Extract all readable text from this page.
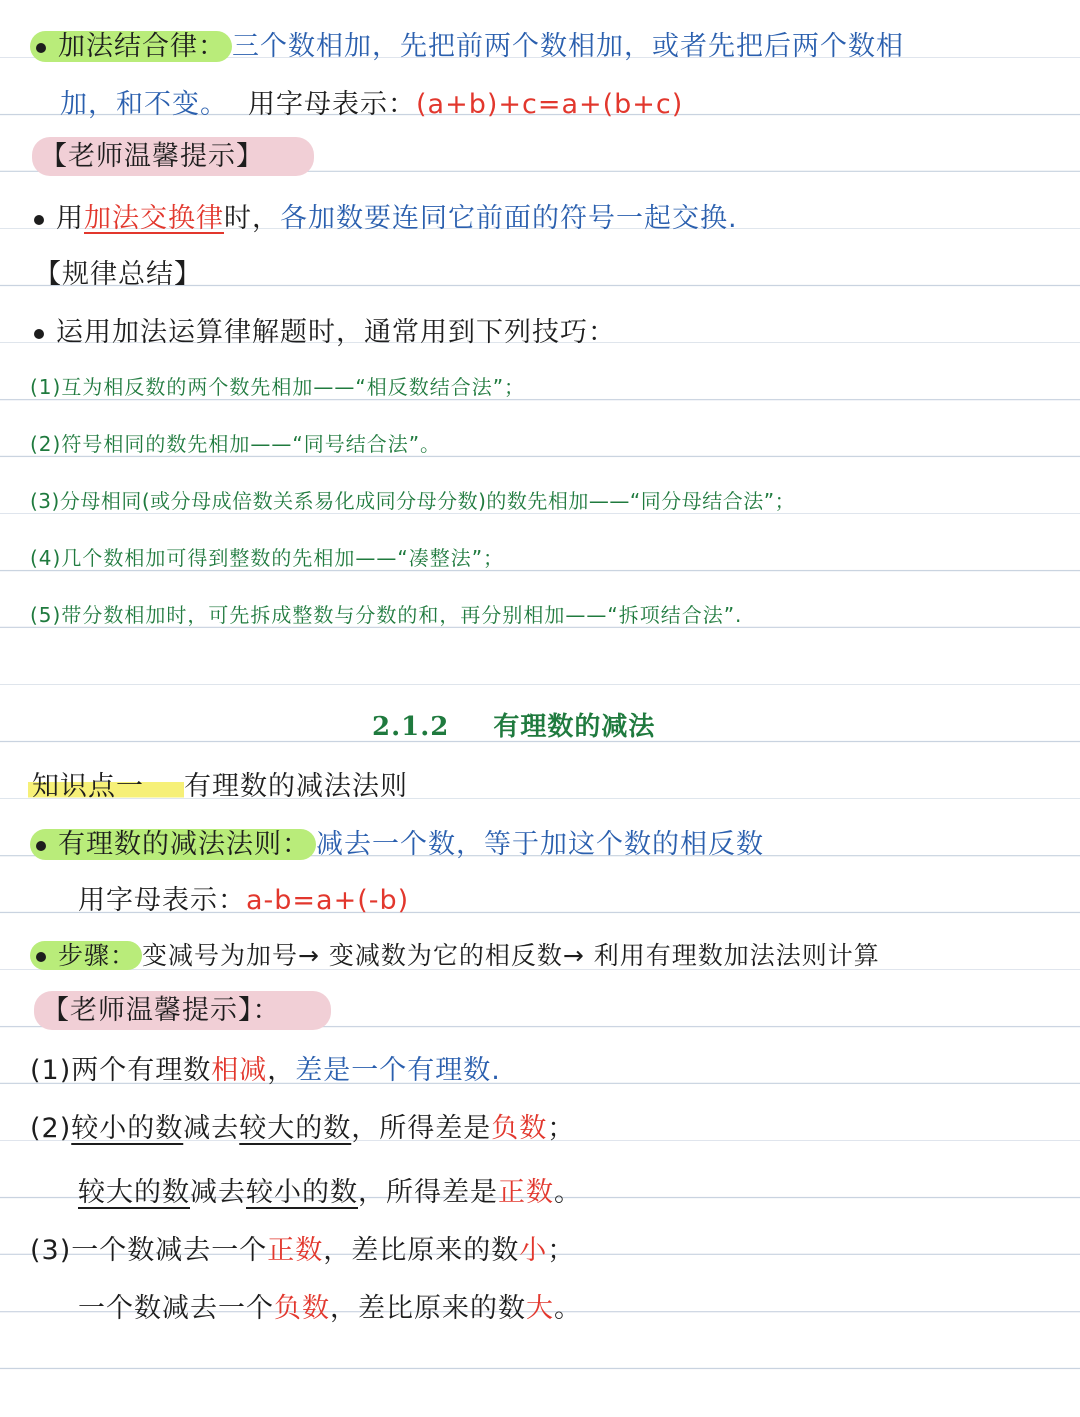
加法结合律： 三个数相加，先把前两个数相加，或者先把后两个数相
加，和不变。 用字母表示：(a+b)+c=a+(b+c)
【老师温馨提示】
用加法交换律时，各加数要连同它前面的符号一起交换.
【规律总结】
运用加法运算律解题时，通常用到下列技巧：
(1)互为相反数的两个数先相加——“相反数结合法”；
(2)符号相同的数先相加——“同号结合法”。
(3)分母相同(或分母成倍数关系易化成同分母分数)的数先相加——“同分母结合法”；
(4)几个数相加可得到整数的先相加——“凑整法”；
(5)带分数相加时，可先拆成整数与分数的和，再分别相加——“拆项结合法”.
2.1.2 有理数的减法
知识点一 有理数的减法法则
有理数的减法法则： 减去一个数，等于加这个数的相反数
用字母表示：a-b=a+(-b)
步骤： 变减号为加号→ 变减数为它的相反数→ 利用有理数加法法则计算
【老师温馨提示】：
(1)两个有理数相减，差是一个有理数.
(2)较小的数减去较大的数，所得差是负数；
较大的数减去较小的数，所得差是正数。
(3)一个数减去一个正数，差比原来的数小；
一个数减去一个负数，差比原来的数大。
